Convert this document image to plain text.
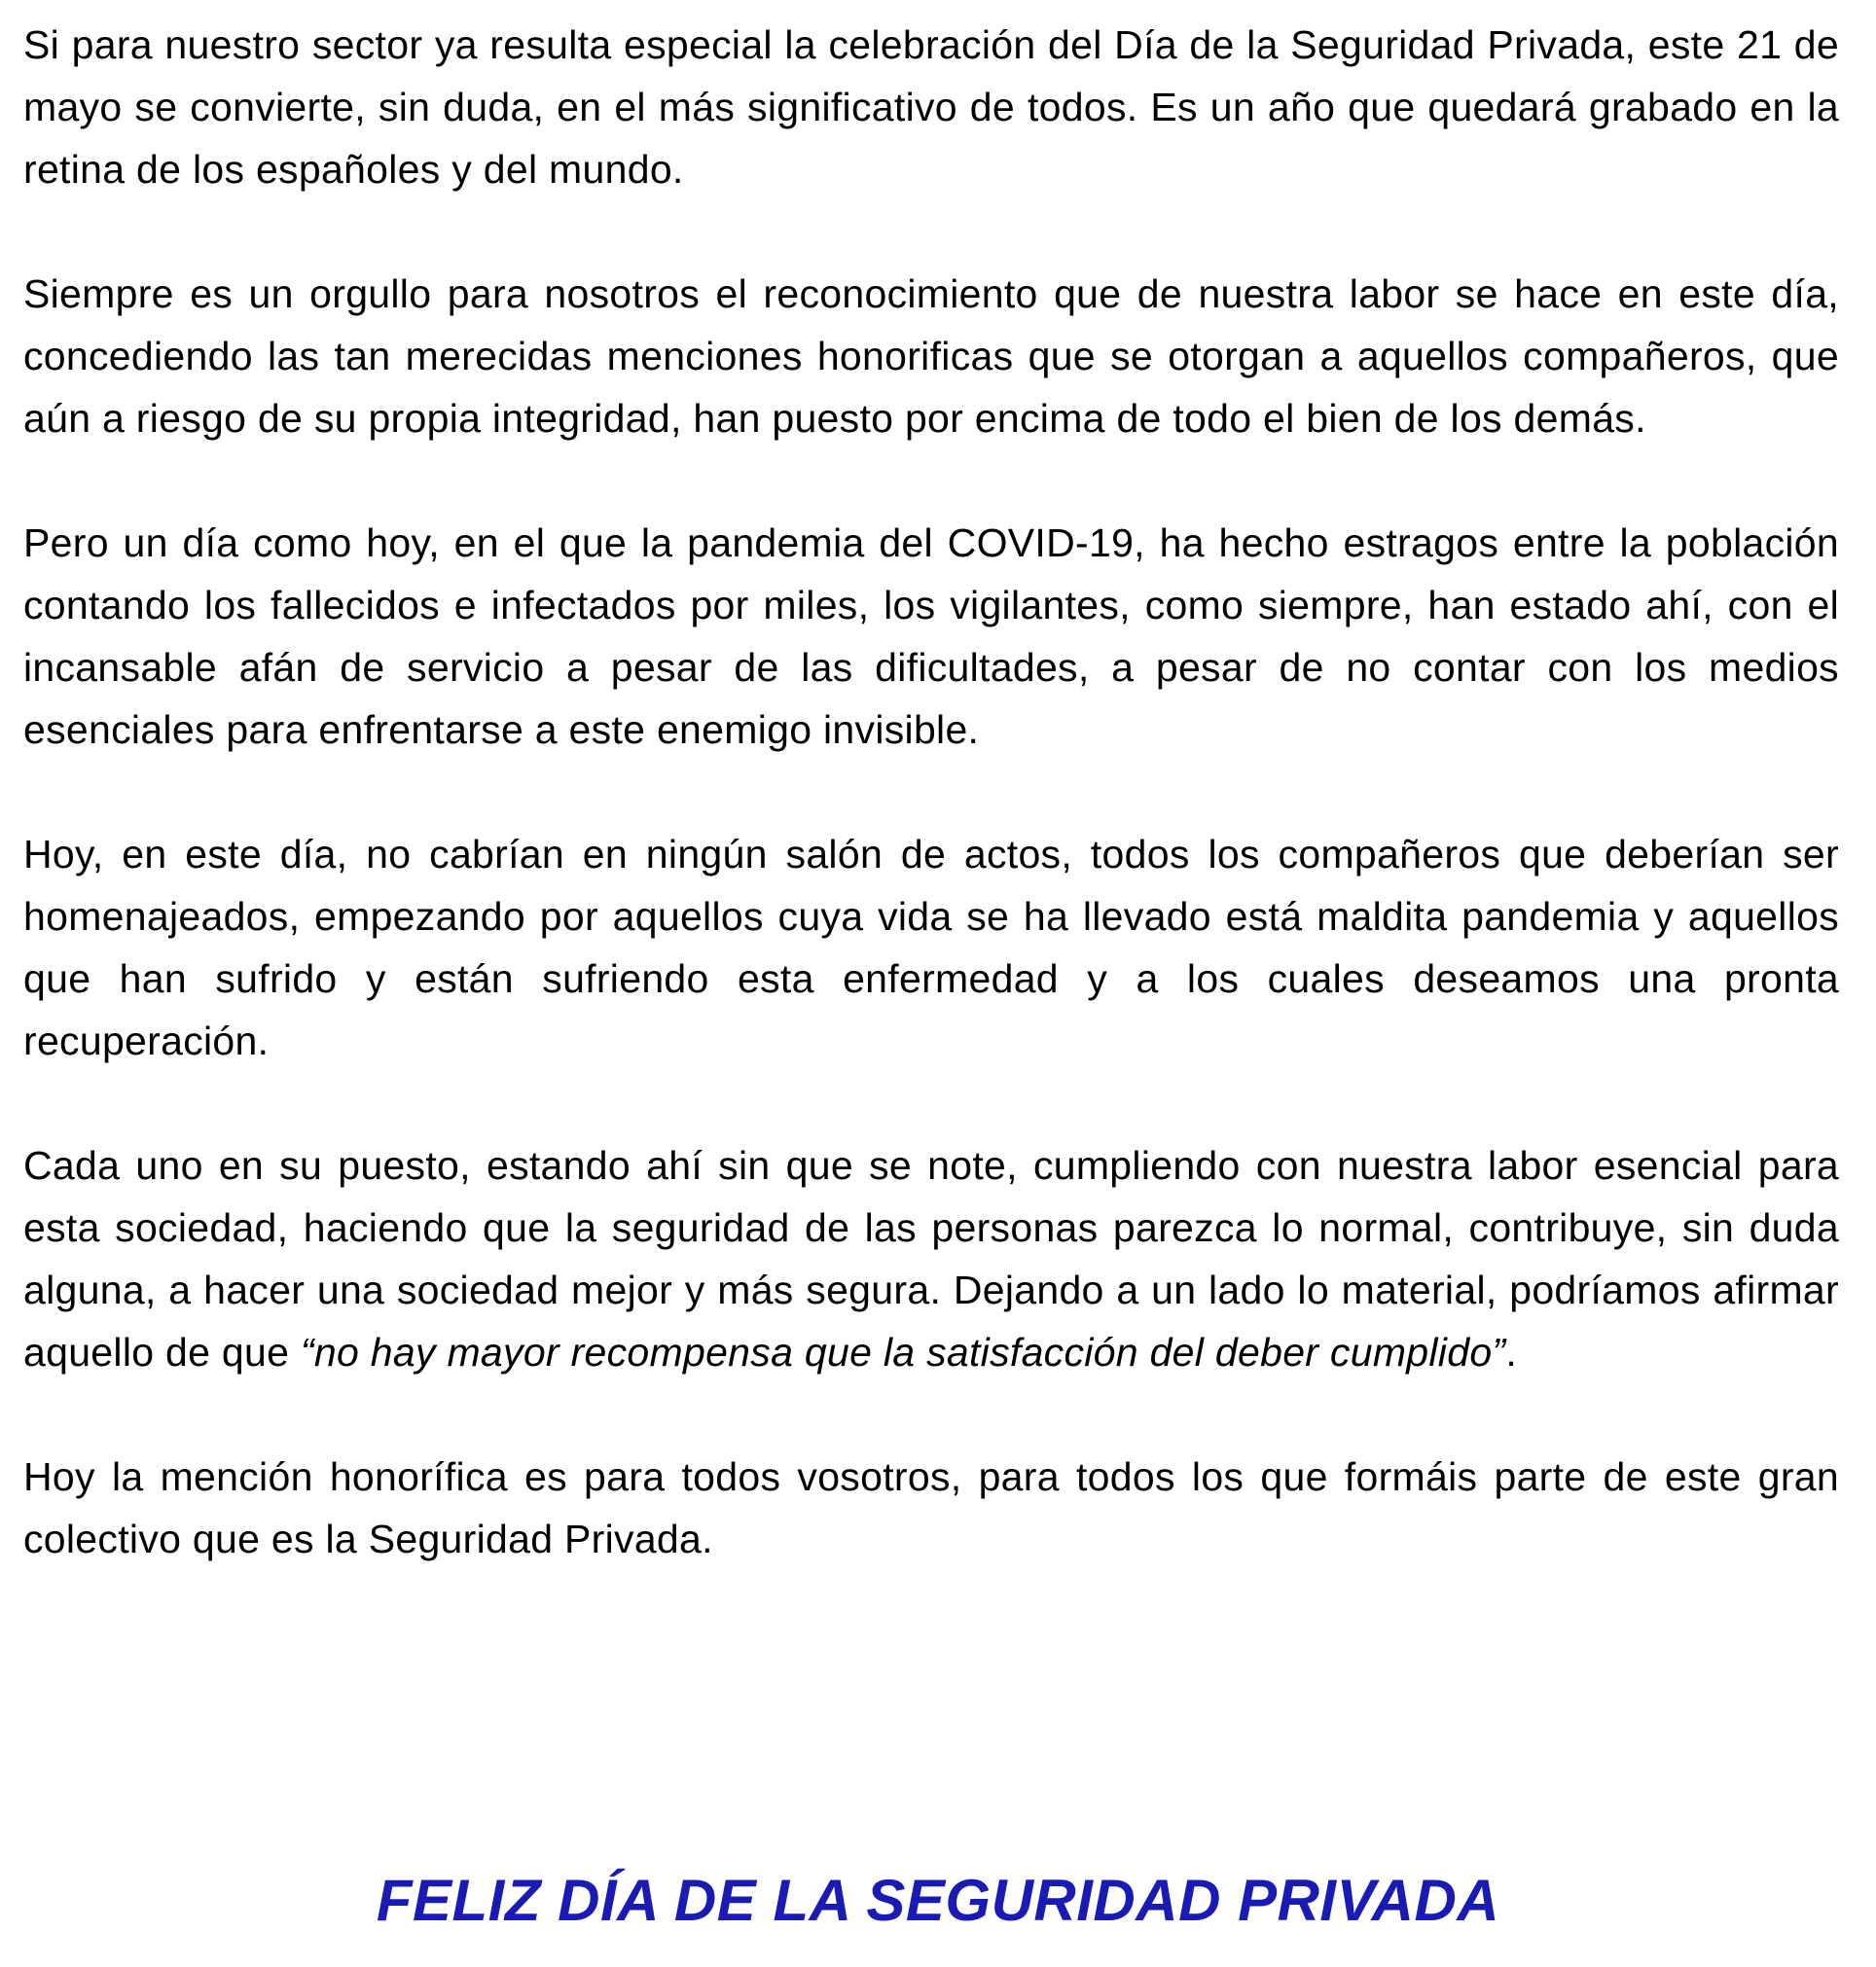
Si para nuestro sector ya resulta especial la celebración del Día de la Seguridad Privada, este 21 de mayo se convierte, sin duda, en el más significativo de todos. Es un año que quedará grabado en la retina de los españoles y del mundo.

Siempre es un orgullo para nosotros el reconocimiento que de nuestra labor se hace en este día, concediendo las tan merecidas menciones honorificas que se otorgan a aquellos compañeros, que aún a riesgo de su propia integridad, han puesto por encima de todo el bien de los demás.

Pero un día como hoy, en el que la pandemia del COVID-19, ha hecho estragos entre la población contando los fallecidos e infectados por miles, los vigilantes, como siempre, han estado ahí, con el incansable afán de servicio a pesar de las dificultades, a pesar de no contar con los medios esenciales para enfrentarse a este enemigo invisible.

Hoy, en este día, no cabrían en ningún salón de actos, todos los compañeros que deberían ser homenajeados, empezando por aquellos cuya vida se ha llevado está maldita pandemia y aquellos que han sufrido y están sufriendo esta enfermedad y a los cuales deseamos una pronta recuperación.

Cada uno en su puesto, estando ahí sin que se note, cumpliendo con nuestra labor esencial para esta sociedad, haciendo que la seguridad de las personas parezca lo normal, contribuye, sin duda alguna, a hacer una sociedad mejor y más segura. Dejando a un lado lo material, podríamos afirmar aquello de que “no hay mayor recompensa que la satisfacción del deber cumplido”.

Hoy la mención honorífica es para todos vosotros, para todos los que formáis parte de este gran colectivo que es la Seguridad Privada.

FELIZ DÍA DE LA SEGURIDAD PRIVADA
